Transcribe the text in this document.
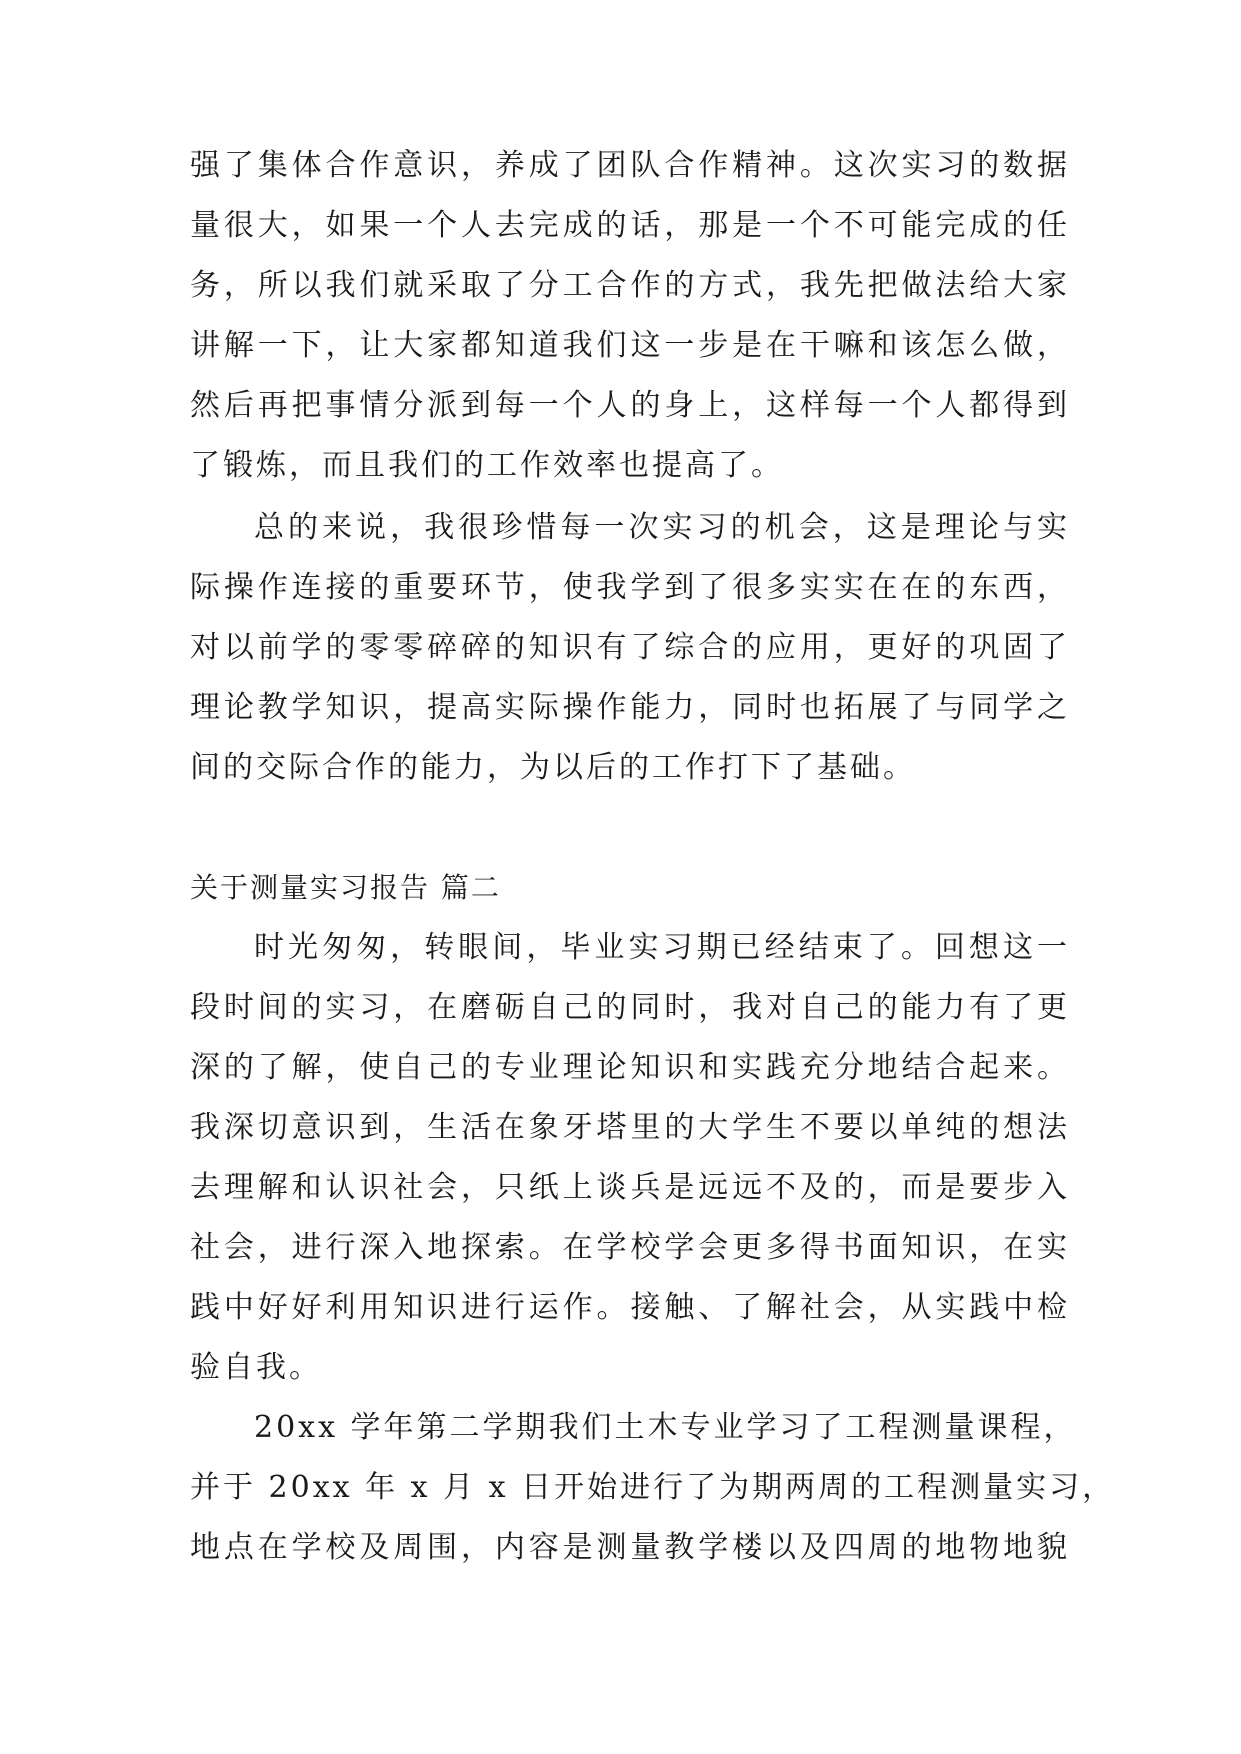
强了集体合作意识，养成了团队合作精神。这次实习的数据
量很大，如果一个人去完成的话，那是一个不可能完成的任
务，所以我们就采取了分工合作的方式，我先把做法给大家
讲解一下，让大家都知道我们这一步是在干嘛和该怎么做，
然后再把事情分派到每一个人的身上，这样每一个人都得到
了锻炼，而且我们的工作效率也提高了。
总的来说，我很珍惜每一次实习的机会，这是理论与实
际操作连接的重要环节，使我学到了很多实实在在的东西，
对以前学的零零碎碎的知识有了综合的应用，更好的巩固了
理论教学知识，提高实际操作能力，同时也拓展了与同学之
间的交际合作的能力，为以后的工作打下了基础。
关于测量实习报告 篇二
时光匆匆，转眼间，毕业实习期已经结束了。回想这一
段时间的实习，在磨砺自己的同时，我对自己的能力有了更
深的了解，使自己的专业理论知识和实践充分地结合起来。
我深切意识到，生活在象牙塔里的大学生不要以单纯的想法
去理解和认识社会，只纸上谈兵是远远不及的，而是要步入
社会，进行深入地探索。在学校学会更多得书面知识，在实
践中好好利用知识进行运作。接触、了解社会，从实践中检
验自我。
20xx 学年第二学期我们土木专业学习了工程测量课程，
并于 20xx 年 x 月 x 日开始进行了为期两周的工程测量实习，
地点在学校及周围，内容是测量教学楼以及四周的地物地貌
